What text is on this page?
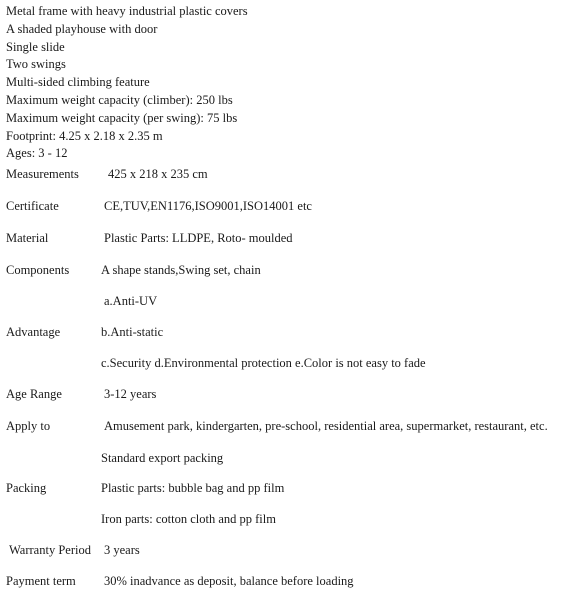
Metal frame with heavy industrial plastic covers
A shaded playhouse with door
Single slide
Two swings
Multi-sided climbing feature
Maximum weight capacity (climber): 250 lbs
Maximum weight capacity (per swing): 75 lbs
Footprint: 4.25 x 2.18 x 2.35 m
Ages: 3 - 12
Measurements 425 x 218 x 235 cm
Certificate	CE,TUV,EN1176,ISO9001,ISO14001 etc
Material	Plastic Parts: LLDPE, Roto- moulded
Components	A shape stands,Swing set, chain
a.Anti-UV
Advantage	b.Anti-static
c.Security d.Environmental protection e.Color is not easy to fade
Age Range	3-12 years
Apply to	Amusement park, kindergarten, pre-school, residential area, supermarket, restaurant, etc.
Standard export packing
Packing	Plastic parts: bubble bag and pp film
Iron parts: cotton cloth and pp film
Warranty Period 3 years
Payment term 30% inadvance as deposit, balance before loading
